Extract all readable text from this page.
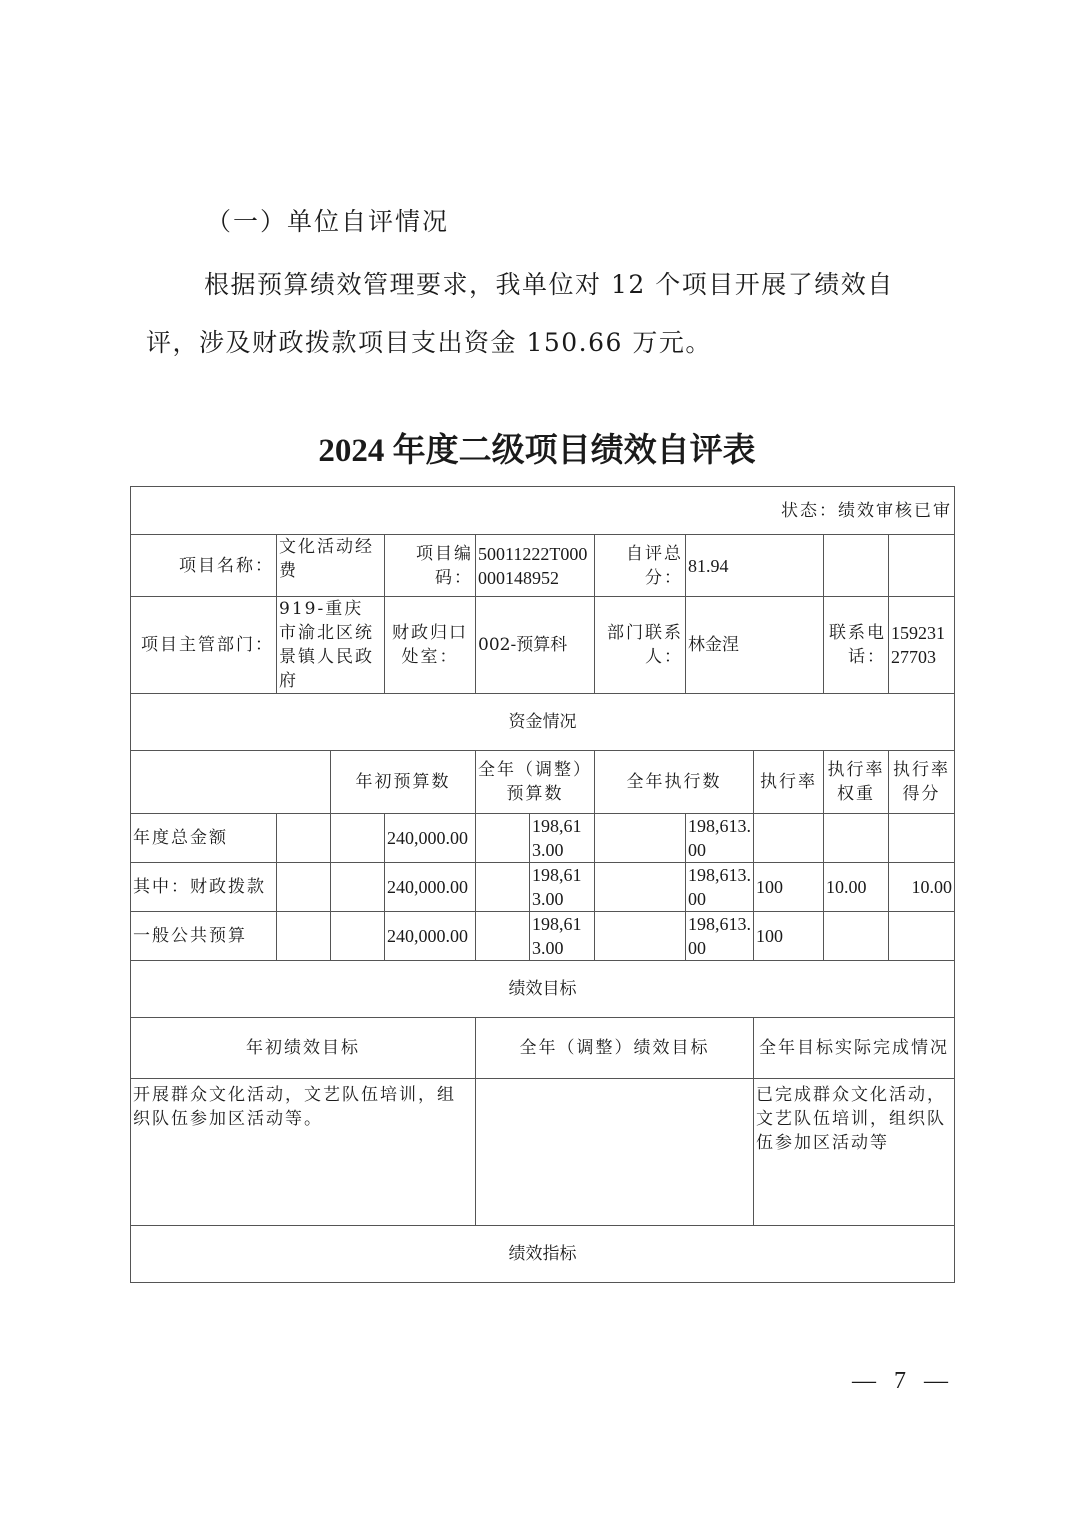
（一）单位自评情况
根据预算绩效管理要求，我单位对 12 个项目开展了绩效自评，涉及财政拨款项目支出资金 150.66 万元。
2024 年度二级项目绩效自评表
状态：绩效审核已审										
项目名称：	文化活动经费		项目编码：	50011222T000000148952		自评总分：	81.94			
项目主管部门：	919-重庆市渝北区统景镇人民政府		财政归口处室：	002-预算科		部门联系人：	林金涅		联系电话：	15923127703
资金情况										
		年初预算数		全年（调整）预算数		全年执行数		执行率	执行率权重	执行率得分
年度总金额			240,000.00		198,613.00		198,613.00			
其中：财政拨款			240,000.00		198,613.00		198,613.00	100	10.00	10.00
一般公共预算			240,000.00		198,613.00		198,613.00	100		
绩效目标										
年初绩效目标				全年（调整）绩效目标				全年目标实际完成情况		
开展群众文化活动，文艺队伍培训，组织队伍参加区活动等。								已完成群众文化活动，文艺队伍培训，组织队伍参加区活动等		
绩效指标										
— 7 —
